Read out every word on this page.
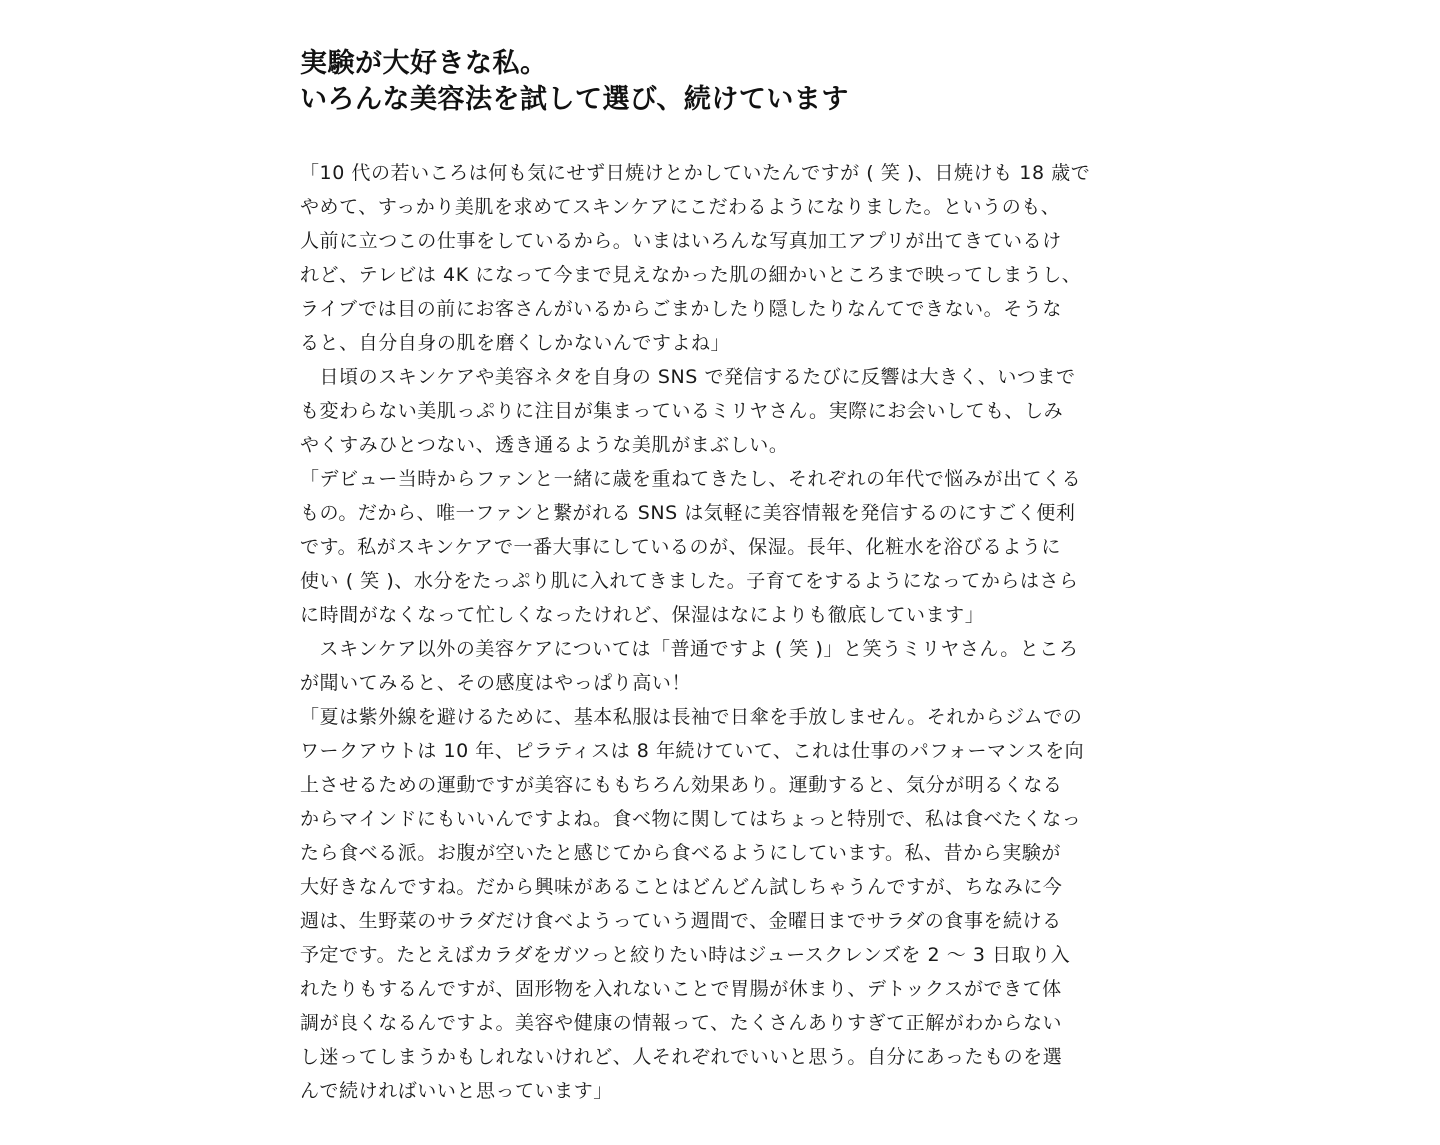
実験が大好きな私。
いろんな美容法を試して選び、続けています
「10 代の若いころは何も気にせず日焼けとかしていたんですが ( 笑 )、日焼けも 18 歳で
やめて、すっかり美肌を求めてスキンケアにこだわるようになりました。というのも、
人前に立つこの仕事をしているから。いまはいろんな写真加工アプリが出てきているけ
れど、テレビは 4K になって今まで見えなかった肌の細かいところまで映ってしまうし、
ライブでは目の前にお客さんがいるからごまかしたり隠したりなんてできない。そうな
ると、自分自身の肌を磨くしかないんですよね」
　日頃のスキンケアや美容ネタを自身の SNS で発信するたびに反響は大きく、いつまで
も変わらない美肌っぷりに注目が集まっているミリヤさん。実際にお会いしても、しみ
やくすみひとつない、透き通るような美肌がまぶしい。
「デビュー当時からファンと一緒に歳を重ねてきたし、それぞれの年代で悩みが出てくる
もの。だから、唯一ファンと繋がれる SNS は気軽に美容情報を発信するのにすごく便利
です。私がスキンケアで一番大事にしているのが、保湿。長年、化粧水を浴びるように
使い ( 笑 )、水分をたっぷり肌に入れてきました。子育てをするようになってからはさら
に時間がなくなって忙しくなったけれど、保湿はなによりも徹底しています」
　スキンケア以外の美容ケアについては「普通ですよ ( 笑 )」と笑うミリヤさん。ところ
が聞いてみると、その感度はやっぱり高い！
「夏は紫外線を避けるために、基本私服は長袖で日傘を手放しません。それからジムでの
ワークアウトは 10 年、ピラティスは 8 年続けていて、これは仕事のパフォーマンスを向
上させるための運動ですが美容にももちろん効果あり。運動すると、気分が明るくなる
からマインドにもいいんですよね。食べ物に関してはちょっと特別で、私は食べたくなっ
たら食べる派。お腹が空いたと感じてから食べるようにしています。私、昔から実験が
大好きなんですね。だから興味があることはどんどん試しちゃうんですが、ちなみに今
週は、生野菜のサラダだけ食べようっていう週間で、金曜日までサラダの食事を続ける
予定です。たとえばカラダをガツっと絞りたい時はジュースクレンズを 2 〜 3 日取り入
れたりもするんですが、固形物を入れないことで胃腸が休まり、デトックスができて体
調が良くなるんですよ。美容や健康の情報って、たくさんありすぎて正解がわからない
し迷ってしまうかもしれないけれど、人それぞれでいいと思う。自分にあったものを選
んで続ければいいと思っています」
